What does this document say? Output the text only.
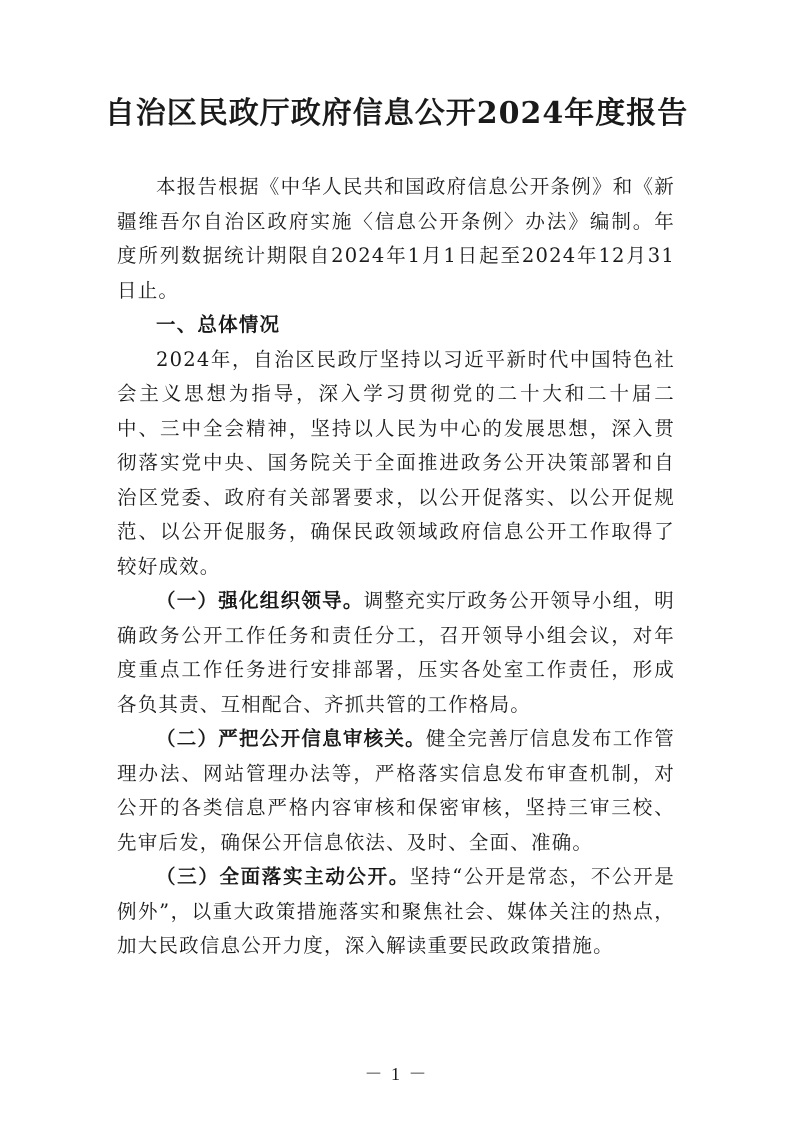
自治区民政厅政府信息公开2024年度报告

本报告根据《中华人民共和国政府信息公开条例》和《新疆维吾尔自治区政府实施〈信息公开条例〉办法》编制。年度所列数据统计期限自2024年1月1日起至2024年12月31日止。

一、总体情况

2024年，自治区民政厅坚持以习近平新时代中国特色社会主义思想为指导，深入学习贯彻党的二十大和二十届二中、三中全会精神，坚持以人民为中心的发展思想，深入贯彻落实党中央、国务院关于全面推进政务公开决策部署和自治区党委、政府有关部署要求，以公开促落实、以公开促规范、以公开促服务，确保民政领域政府信息公开工作取得了较好成效。

（一）强化组织领导。调整充实厅政务公开领导小组，明确政务公开工作任务和责任分工，召开领导小组会议，对年度重点工作任务进行安排部署，压实各处室工作责任，形成各负其责、互相配合、齐抓共管的工作格局。

（二）严把公开信息审核关。健全完善厅信息发布工作管理办法、网站管理办法等，严格落实信息发布审查机制，对公开的各类信息严格内容审核和保密审核，坚持三审三校、先审后发，确保公开信息依法、及时、全面、准确。

（三）全面落实主动公开。坚持“公开是常态，不公开是例外”，以重大政策措施落实和聚焦社会、媒体关注的热点，加大民政信息公开力度，深入解读重要民政政策措施。

－ 1 －
